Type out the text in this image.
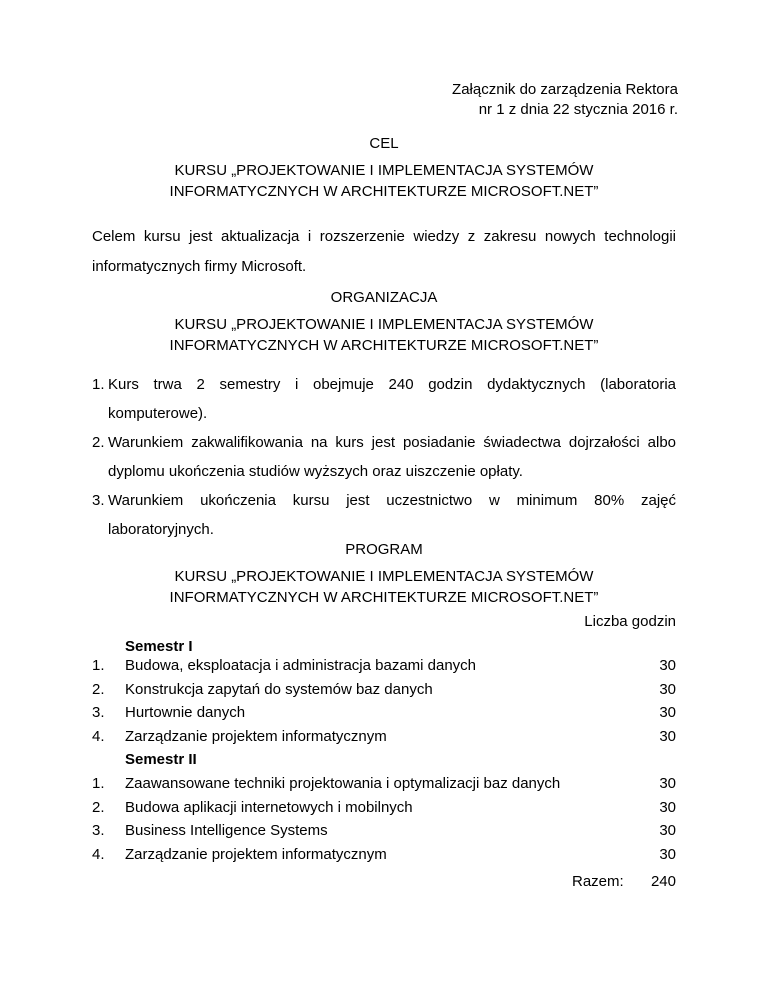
Załącznik do zarządzenia Rektora
nr 1 z dnia 22 stycznia 2016 r.
CEL
KURSU „PROJEKTOWANIE I IMPLEMENTACJA SYSTEMÓW
INFORMATYCZNYCH W ARCHITEKTURZE MICROSOFT.NET”
Celem kursu jest aktualizacja i rozszerzenie wiedzy z zakresu nowych technologii informatycznych firmy Microsoft.
ORGANIZACJA
KURSU „PROJEKTOWANIE I IMPLEMENTACJA SYSTEMÓW
INFORMATYCZNYCH W ARCHITEKTURZE MICROSOFT.NET”
1. Kurs trwa 2 semestry i obejmuje 240 godzin dydaktycznych (laboratoria
komputerowe).
2. Warunkiem zakwalifikowania na kurs jest posiadanie świadectwa dojrzałości albo
dyplomu ukończenia studiów wyższych oraz uiszczenie opłaty.
3. Warunkiem ukończenia kursu jest uczestnictwo w minimum 80% zajęć
laboratoryjnych.
PROGRAM
KURSU „PROJEKTOWANIE I IMPLEMENTACJA SYSTEMÓW
INFORMATYCZNYCH W ARCHITEKTURZE MICROSOFT.NET”
Liczba godzin
Semestr I
1. Budowa, eksploatacja i administracja bazami danych	30
2. Konstrukcja zapytań do systemów baz danych	30
3. Hurtownie danych	30
4. Zarządzanie projektem informatycznym	30
Semestr II
1. Zaawansowane techniki projektowania i optymalizacji baz danych	30
2. Budowa aplikacji internetowych i mobilnych	30
3. Business Intelligence Systems	30
4. Zarządzanie projektem informatycznym	30
Razem: 240
